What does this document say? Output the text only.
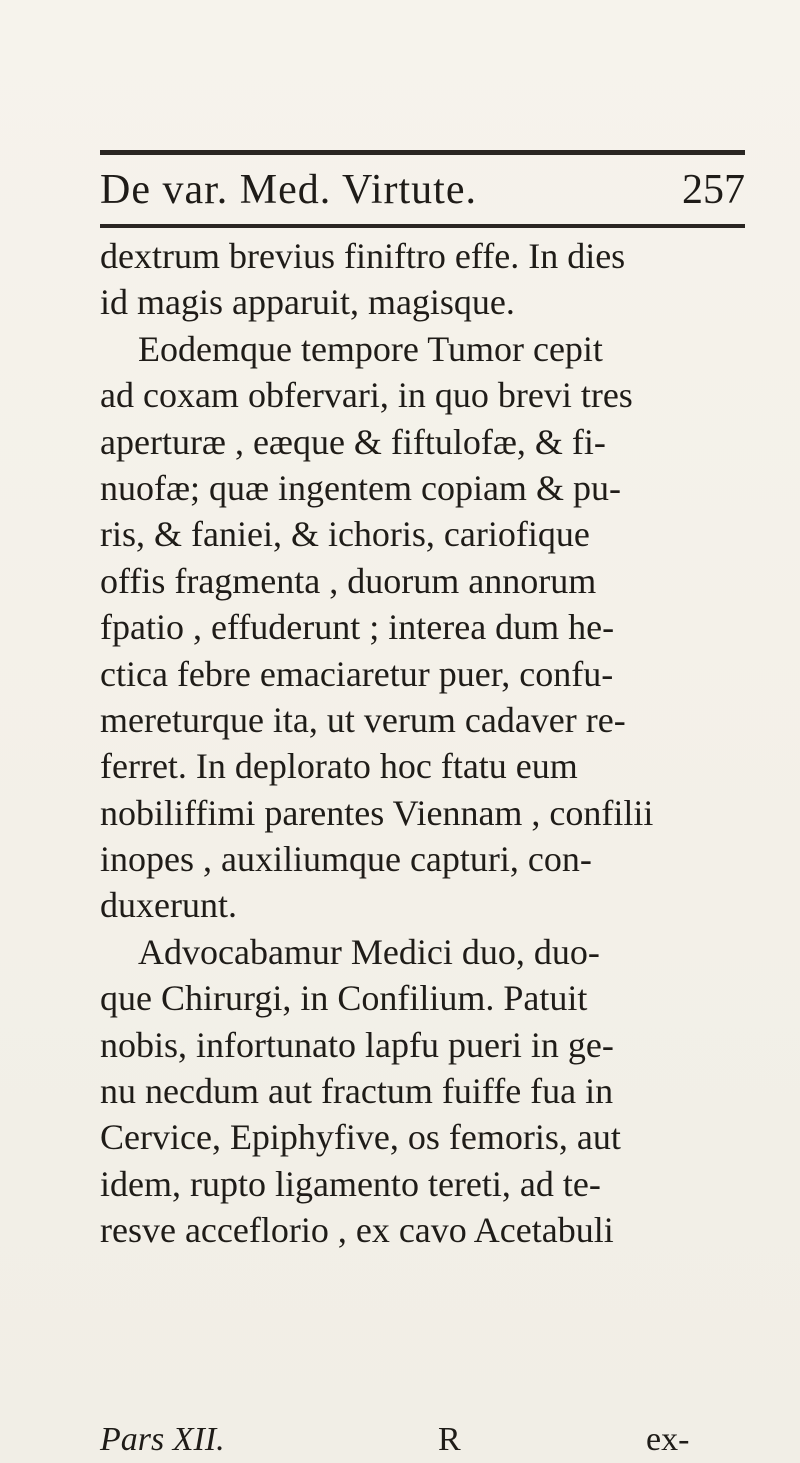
De var. Med. Virtute.	257
dextrum brevius finiftro effe. In dies
id magis apparuit, magisque.
Eodemque tempore Tumor cepit
ad coxam obfervari, in quo brevi tres
aperturæ , eæque & fiftulofæ, & fi-
nuofæ; quæ ingentem copiam & pu-
ris, & faniei, & ichoris, cariofique
offis fragmenta , duorum annorum
fpatio , effuderunt ; interea dum he-
ctica febre emaciaretur puer, confu-
mereturque ita, ut verum cadaver re-
ferret. In deplorato hoc ftatu eum
nobiliffimi parentes Viennam , confilii
inopes , auxiliumque capturi, con-
duxerunt.
Advocabamur Medici duo, duo-
que Chirurgi, in Confilium. Patuit
nobis, infortunato lapfu pueri in ge-
nu necdum aut fractum fuiffe fua in
Cervice, Epiphyfive, os femoris, aut
idem, rupto ligamento tereti, ad te-
resve acceflorio , ex cavo Acetabuli
Pars XII.	R	ex-
